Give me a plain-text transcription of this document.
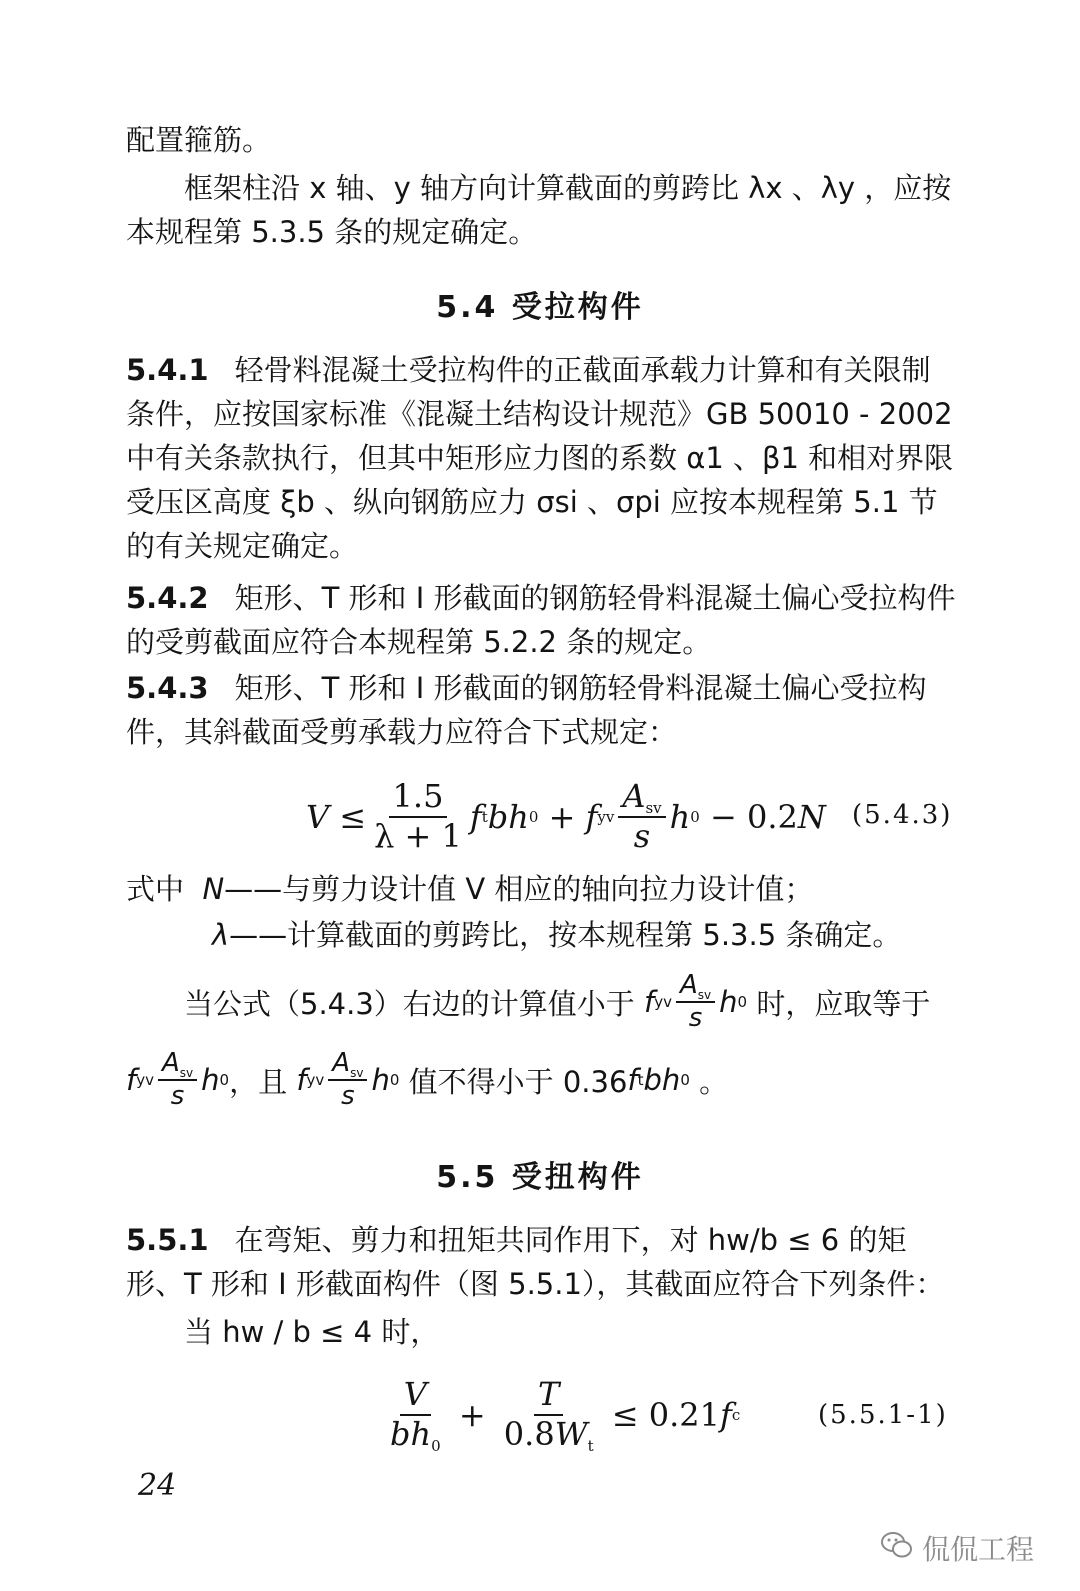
配置箍筋。

框架柱沿 x 轴、y 轴方向计算截面的剪跨比 λx 、λy ，应按本规程第 5.3.5 条的规定确定。

5.4 受拉构件

5.4.1 轻骨料混凝土受拉构件的正截面承载力计算和有关限制条件，应按国家标准《混凝土结构设计规范》GB 50010 - 2002 中有关条款执行，但其中矩形应力图的系数 α1 、β1 和相对界限受压区高度 ξb 、纵向钢筋应力 σsi 、σpi 应按本规程第 5.1 节的有关规定确定。

5.4.2 矩形、T 形和 I 形截面的钢筋轻骨料混凝土偏心受拉构件的受剪截面应符合本规程第 5.2.2 条的规定。

5.4.3 矩形、T 形和 I 形截面的钢筋轻骨料混凝土偏心受拉构件，其斜截面受剪承载力应符合下式规定：

$V \le \frac{1.5}{\lambda + 1}$ f t bh 0 + f yv $\frac{A_{sv}}{s}$ h 0 − 0.2 N (5.4.3)
式中 N——与剪力设计值 V 相应的轴向拉力设计值；
λ——计算截面的剪跨比，按本规程第 5.3.5 条确定。
当公式（5.4.3）右边的计算值小于
f yv $\frac{A_{sv}}{s}$ h 0
时，应取等于
f yv $\frac{A_{sv}}{s}$ h 0 ，且
f yv $\frac{A_{sv}}{s}$ h 0
值不得小于 0.36 f t bh 0
。

5.5 受扭构件

5.5.1 在弯矩、剪力和扭矩共同作用下，对 hw/b ≤ 6 的矩形、T 形和 I 形截面构件（图 5.5.1），其截面应符合下列条件：

当 hw / b ≤ 4 时，

$\frac{V}{bh_0} + \frac{T}{0.8W_t} \le 0.21$ f c	(5.5.1-1)
24
侃侃工程
